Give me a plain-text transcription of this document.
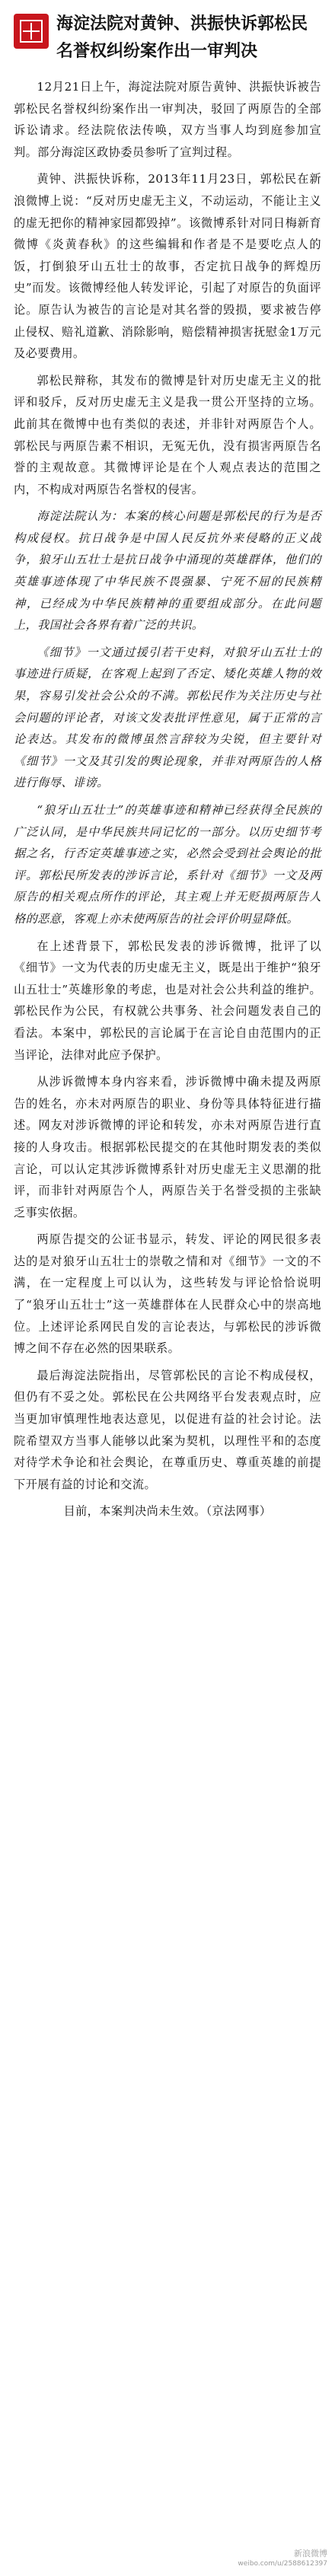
海淀法院对黄钟、洪振快诉郭松民名誉权纠纷案作出一审判决

12月21日上午，海淀法院对原告黄钟、洪振快诉被告郭松民名誉权纠纷案作出一审判决，驳回了两原告的全部诉讼请求。经法院依法传唤，双方当事人均到庭参加宣判。部分海淀区政协委员参听了宣判过程。

黄钟、洪振快诉称，2013年11月23日，郭松民在新浪微博上说：“反对历史虚无主义，不动运动，不能让主义的虚无把你的精神家园都毁掉”。该微博系针对同日梅新育微博《炎黄春秋》的这些编辑和作者是不是要吃点人的饭，打倒狼牙山五壮士的故事，否定抗日战争的辉煌历史”而发。该微博经他人转发评论，引起了对原告的负面评论。原告认为被告的言论是对其名誉的毁损，要求被告停止侵权、赔礼道歉、消除影响，赔偿精神损害抚慰金1万元及必要费用。

郭松民辩称，其发布的微博是针对历史虚无主义的批评和驳斥，反对历史虚无主义是我一贯公开坚持的立场。此前其在微博中也有类似的表述，并非针对两原告个人。郭松民与两原告素不相识，无冤无仇，没有损害两原告名誉的主观故意。其微博评论是在个人观点表达的范围之内，不构成对两原告名誉权的侵害。

海淀法院认为：本案的核心问题是郭松民的行为是否构成侵权。抗日战争是中国人民反抗外来侵略的正义战争，狼牙山五壮士是抗日战争中涌现的英雄群体，他们的英雄事迹体现了中华民族不畏强暴、宁死不屈的民族精神，已经成为中华民族精神的重要组成部分。在此问题上，我国社会各界有着广泛的共识。

《细节》一文通过援引若干史料，对狼牙山五壮士的事迹进行质疑，在客观上起到了否定、矮化英雄人物的效果，容易引发社会公众的不满。郭松民作为关注历史与社会问题的评论者，对该文发表批评性意见，属于正常的言论表达。其发布的微博虽然言辞较为尖锐，但主要针对《细节》一文及其引发的舆论现象，并非对两原告的人格进行侮辱、诽谤。

“狼牙山五壮士”的英雄事迹和精神已经获得全民族的广泛认同，是中华民族共同记忆的一部分。以历史细节考据之名，行否定英雄事迹之实，必然会受到社会舆论的批评。郭松民所发表的涉诉言论，系针对《细节》一文及两原告的相关观点所作的评论，其主观上并无贬损两原告人格的恶意，客观上亦未使两原告的社会评价明显降低。

在上述背景下，郭松民发表的涉诉微博，批评了以《细节》一文为代表的历史虚无主义，既是出于维护“狼牙山五壮士”英雄形象的考虑，也是对社会公共利益的维护。郭松民作为公民，有权就公共事务、社会问题发表自己的看法。本案中，郭松民的言论属于在言论自由范围内的正当评论，法律对此应予保护。

从涉诉微博本身内容来看，涉诉微博中确未提及两原告的姓名，亦未对两原告的职业、身份等具体特征进行描述。网友对涉诉微博的评论和转发，亦未对两原告进行直接的人身攻击。根据郭松民提交的在其他时期发表的类似言论，可以认定其涉诉微博系针对历史虚无主义思潮的批评，而非针对两原告个人，两原告关于名誉受损的主张缺乏事实依据。

两原告提交的公证书显示，转发、评论的网民很多表达的是对狼牙山五壮士的崇敬之情和对《细节》一文的不满，在一定程度上可以认为，这些转发与评论恰恰说明了“狼牙山五壮士”这一英雄群体在人民群众心中的崇高地位。上述评论系网民自发的言论表达，与郭松民的涉诉微博之间不存在必然的因果联系。

最后海淀法院指出，尽管郭松民的言论不构成侵权，但仍有不妥之处。郭松民在公共网络平台发表观点时，应当更加审慎理性地表达意见，以促进有益的社会讨论。法院希望双方当事人能够以此案为契机，以理性平和的态度对待学术争论和社会舆论，在尊重历史、尊重英雄的前提下开展有益的讨论和交流。

目前，本案判决尚未生效。（京法网事）

新浪微博
weibo.com/u/2588612397
